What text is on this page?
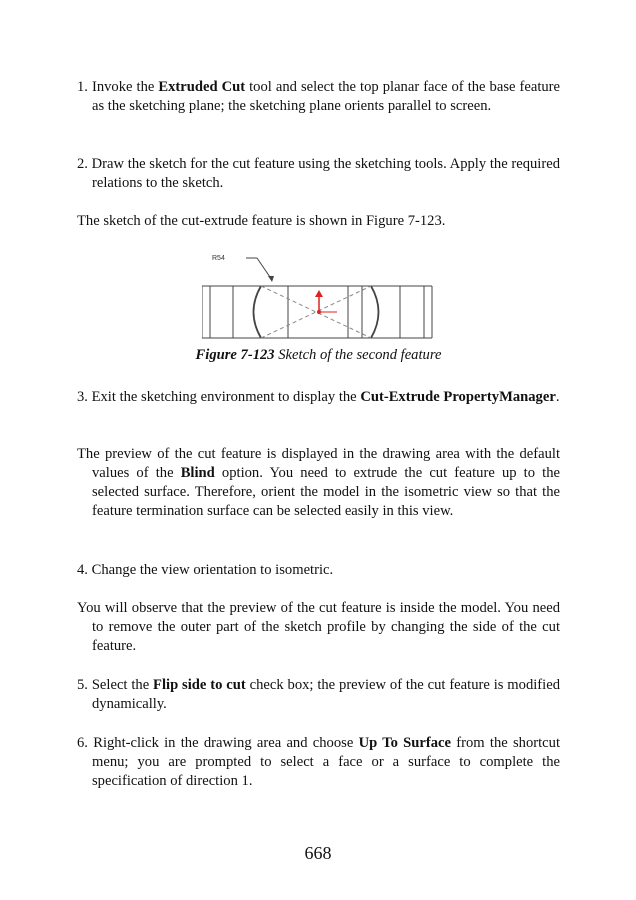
1. Invoke the Extruded Cut tool and select the top planar face of the base feature as the sketching plane; the sketching plane orients parallel to screen.
2. Draw the sketch for the cut feature using the sketching tools. Apply the required relations to the sketch.
The sketch of the cut-extrude feature is shown in Figure 7-123.
R54
Figure 7-123 Sketch of the second feature
3. Exit the sketching environment to display the Cut-Extrude PropertyManager.
The preview of the cut feature is displayed in the drawing area with the default values of the Blind option. You need to extrude the cut feature up to the selected surface. Therefore, orient the model in the isometric view so that the feature termination surface can be selected easily in this view.
4. Change the view orientation to isometric.
You will observe that the preview of the cut feature is inside the model. You need to remove the outer part of the sketch profile by changing the side of the cut feature.
5. Select the Flip side to cut check box; the preview of the cut feature is modified dynamically.
6. Right-click in the drawing area and choose Up To Surface from the shortcut menu; you are prompted to select a face or a surface to complete the specification of direction 1.
668
